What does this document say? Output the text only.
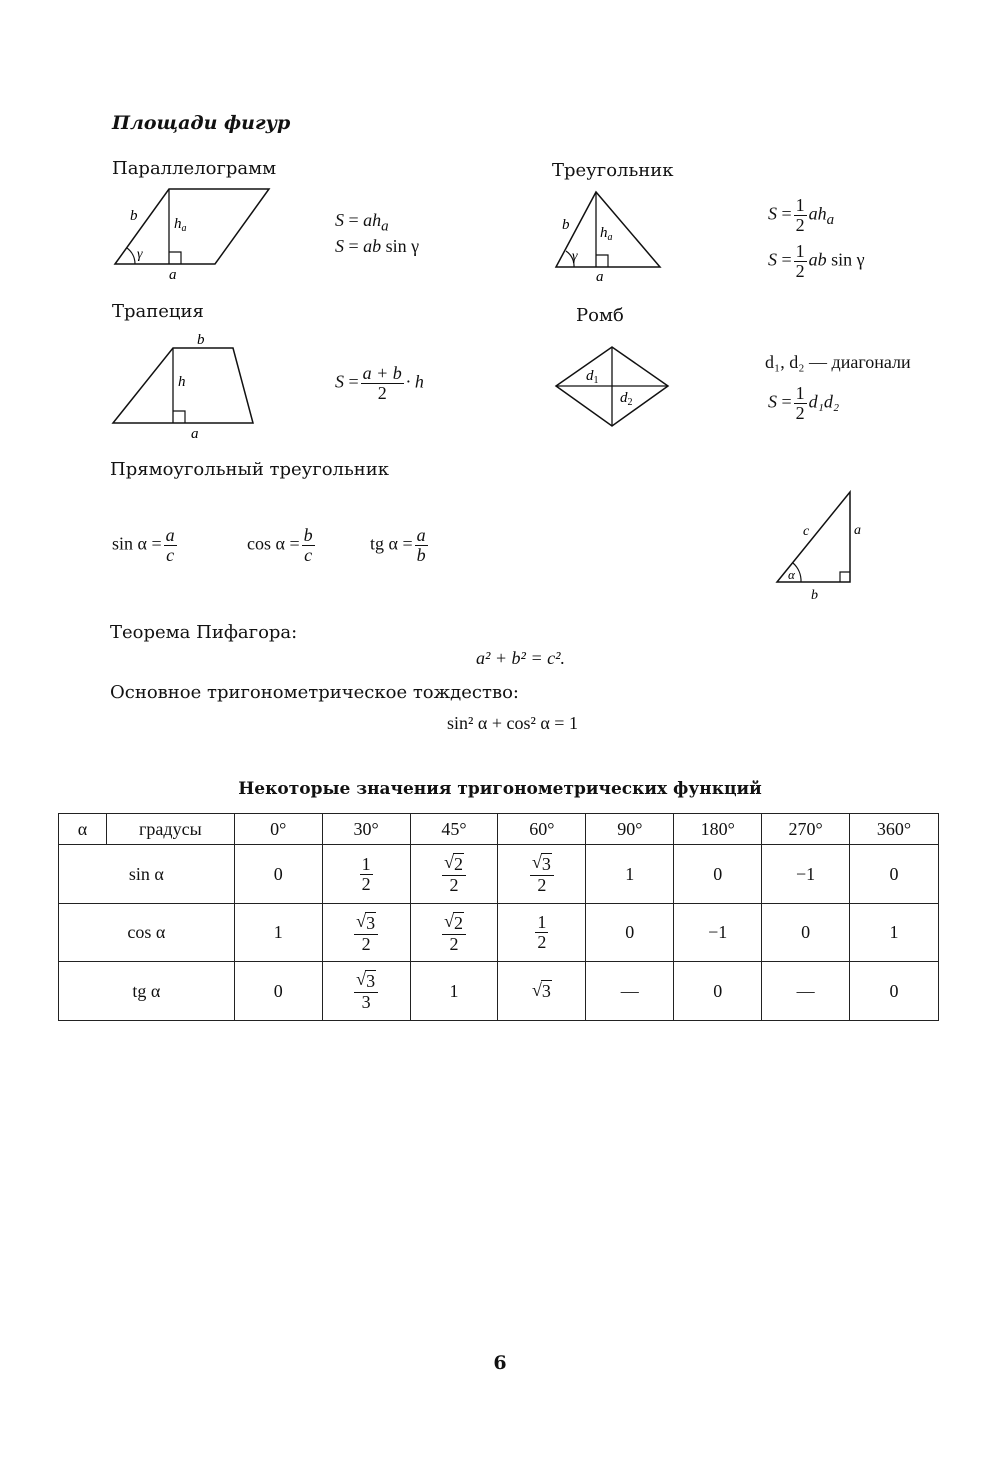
Площади фигур
Параллелограмм
b $h_a$
γ
a
$S = ah_a$
S = ab sin γ
Треугольник
b $h_a$
γ
a
$S = \frac{1}{2} ah_a$
$S = \frac{1}{2}$ ab sin γ
Трапеция
b
h
a
$S = \frac{a + b}{2} \cdot h$
Ромб
$d_1$
$d_2$
d₁, d₂ — диагонали
$S = \frac{1}{2} d_1d_2$
Прямоугольный треугольник
$\sin \alpha = \frac{a}{c}$	$\cos \alpha = \frac{b}{c}$	tg $\alpha = \frac{a}{b}$	c	a
α
b
Теорема Пифагора:
a² + b² = c².
Основное тригонометрическое тождество:
sin² α + cos² α = 1
Некоторые значения тригонометрических функций
α	градусы	0°	30°	45°	60°	90°	180°	270°	360°
sin α		0	$\frac{1}{2}$	$\frac{√ 2}{2}$	$\frac{√ 3}{2}$	1	0	−1	0
cos α		1	$\frac{√ 3}{2}$	$\frac{√ 2}{2}$	$\frac{1}{2}$	0	−1	0	1
tg α		0	$\frac{√ 3}{3}$	1	√ 3	—	0	—	0
6
